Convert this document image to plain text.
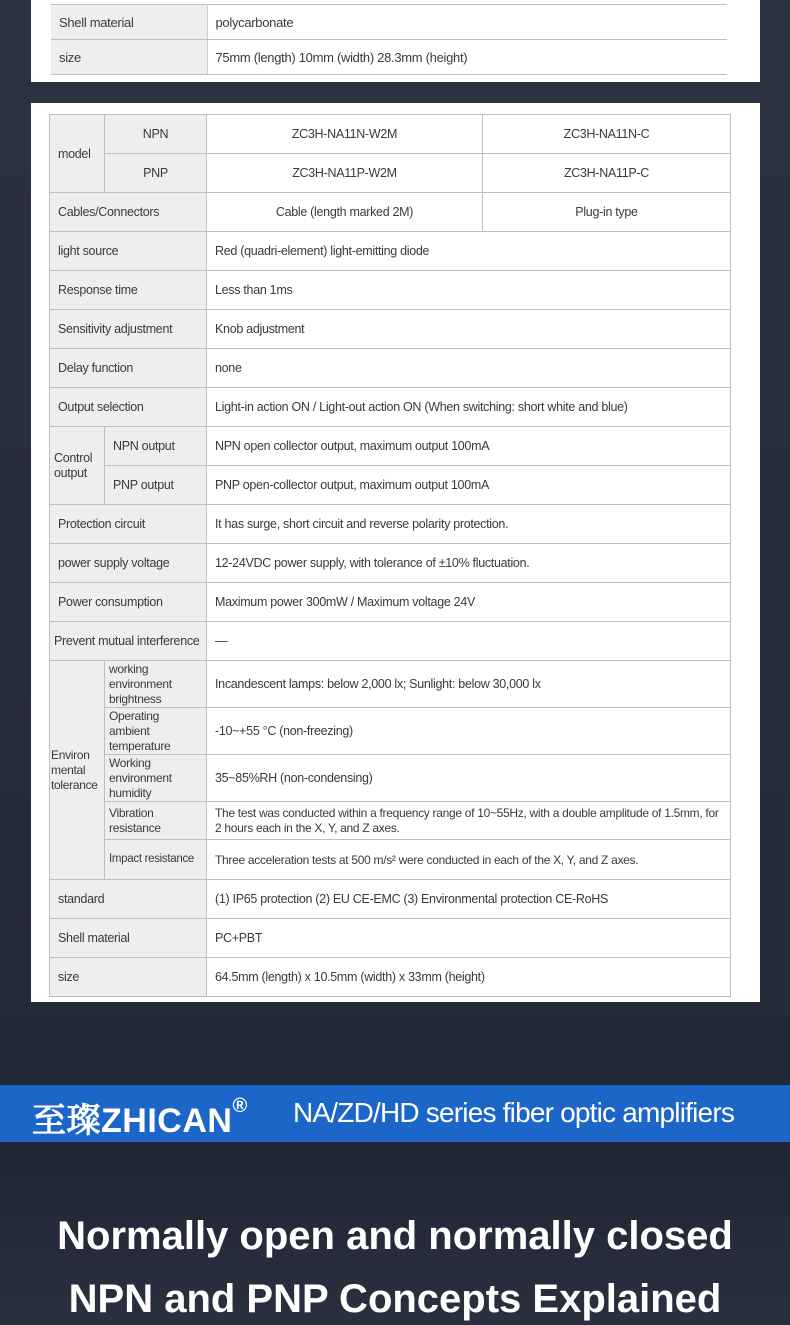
Shell material	polycarbonate
size	75mm (length) 10mm (width) 28.3mm (height)
model	NPN	ZC3H-NA11N-W2M	ZC3H-NA11N-C
	PNP	ZC3H-NA11P-W2M	ZC3H-NA11P-C
Cables/Connectors		Cable (length marked 2M)	Plug-in type
light source		Red (quadri-element) light-emitting diode	
Response time		Less than 1ms	
Sensitivity adjustment		Knob adjustment	
Delay function		none	
Output selection		Light-in action ON / Light-out action ON (When switching: short white and blue)	
Control output	NPN output	NPN open collector output, maximum output 100mA	
	PNP output	PNP open-collector output, maximum output 100mA	
Protection circuit		It has surge, short circuit and reverse polarity protection.	
power supply voltage		12-24VDC power supply, with tolerance of ±10% fluctuation.	
Power consumption		Maximum power 300mW / Maximum voltage 24V	
Prevent mutual interference		—	
Environ mental tolerance	working environment brightness	Incandescent lamps: below 2,000 lx; Sunlight: below 30,000 lx	
	Operating ambient temperature	-10~+55 °C (non-freezing)	
	Working environment humidity	35~85%RH (non-condensing)	
	Vibration resistance	The test was conducted within a frequency range of 10~55Hz, with a double amplitude of 1.5mm, for 2 hours each in the X, Y, and Z axes.	
	Impact resistance	Three acceleration tests at 500 m/s² were conducted in each of the X, Y, and Z axes.	
standard		(1) IP65 protection (2) EU CE-EMC (3) Environmental protection CE-RoHS	
Shell material		PC+PBT	
size		64.5mm (length) x 10.5mm (width) x 33mm (height)	
至璨ZHICAN® NA/ZD/HD series fiber optic amplifiers
Normally open and normally closed
NPN and PNP Concepts Explained
